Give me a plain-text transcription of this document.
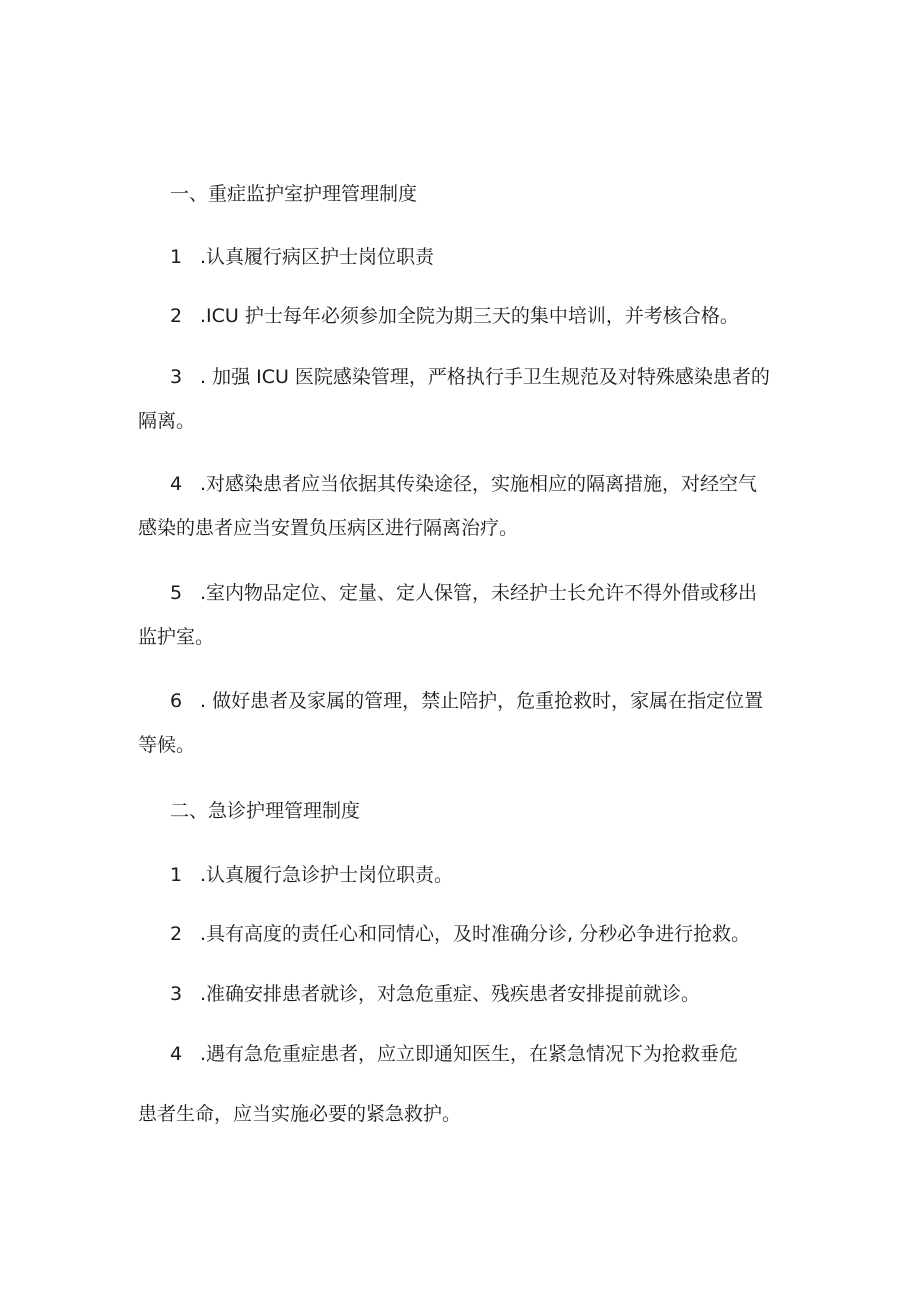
一、重症监护室护理管理制度
1 .认真履行病区护士岗位职责
2 .ICU 护士每年必须参加全院为期三天的集中培训，并考核合格。
3 . 加强 ICU 医院感染管理，严格执行手卫生规范及对特殊感染患者的
隔离。
4 .对感染患者应当依据其传染途径，实施相应的隔离措施，对经空气
感染的患者应当安置负压病区进行隔离治疗。
5 .室内物品定位、定量、定人保管，未经护士长允许不得外借或移出
监护室。
6 . 做好患者及家属的管理，禁止陪护，危重抢救时，家属在指定位置
等候。
二、急诊护理管理制度
1 .认真履行急诊护士岗位职责。
2 .具有高度的责任心和同情心，及时准确分诊, 分秒必争进行抢救。
3 .准确安排患者就诊，对急危重症、残疾患者安排提前就诊。
4 .遇有急危重症患者，应立即通知医生，在紧急情况下为抢救垂危
患者生命，应当实施必要的紧急救护。
